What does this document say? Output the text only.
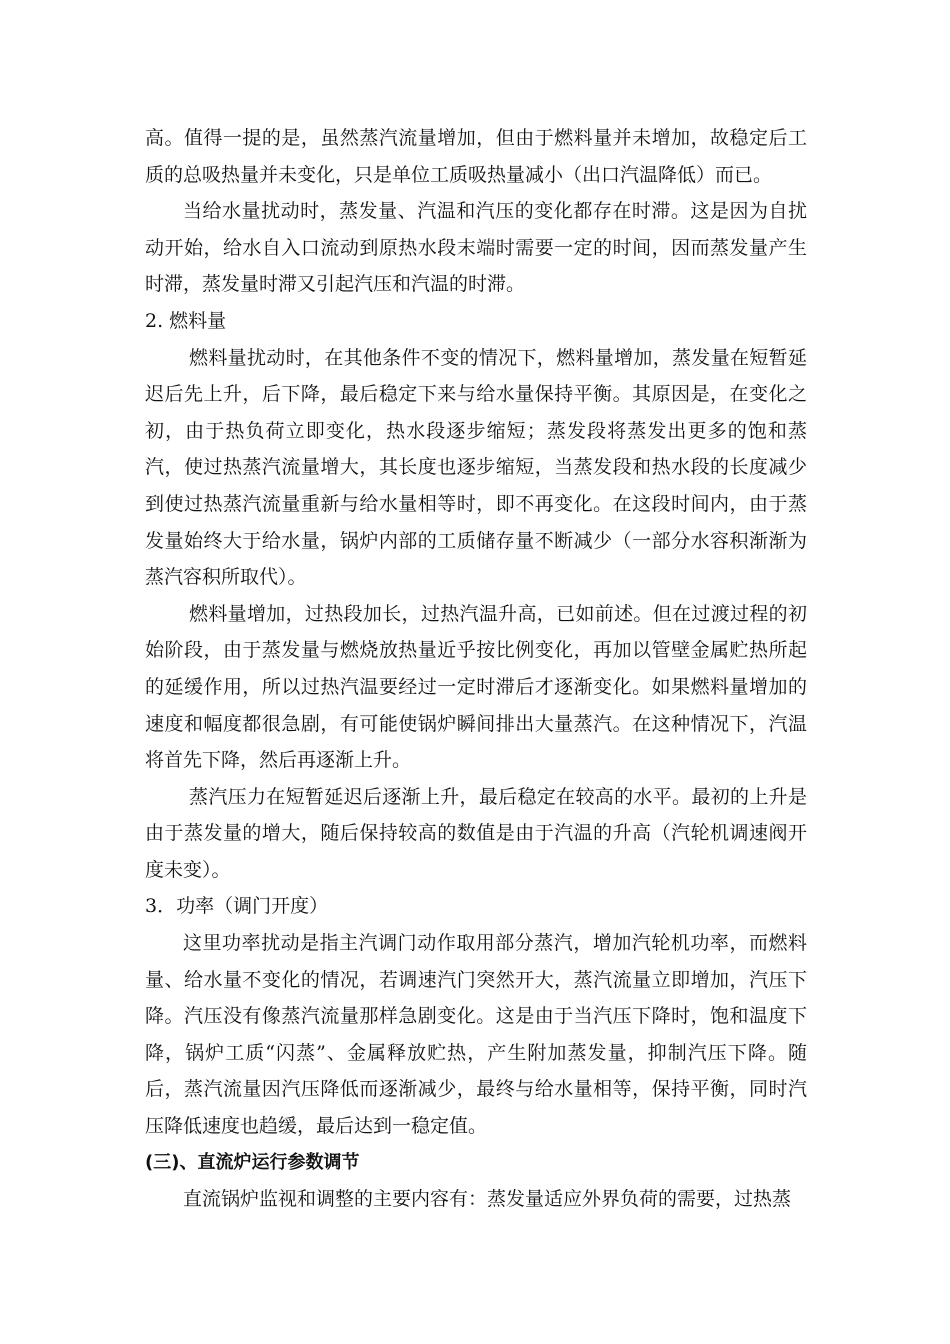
高。值得一提的是，虽然蒸汽流量增加，但由于燃料量并未增加，故稳定后工质的总吸热量并未变化，只是单位工质吸热量减小（出口汽温降低）而已。

当给水量扰动时，蒸发量、汽温和汽压的变化都存在时滞。这是因为自扰动开始，给水自入口流动到原热水段末端时需要一定的时间，因而蒸发量产生时滞，蒸发量时滞又引起汽压和汽温的时滞。

2. 燃料量

燃料量扰动时，在其他条件不变的情况下，燃料量增加，蒸发量在短暂延迟后先上升，后下降，最后稳定下来与给水量保持平衡。其原因是，在变化之初，由于热负荷立即变化，热水段逐步缩短；蒸发段将蒸发出更多的饱和蒸汽，使过热蒸汽流量增大，其长度也逐步缩短，当蒸发段和热水段的长度减少到使过热蒸汽流量重新与给水量相等时，即不再变化。在这段时间内，由于蒸发量始终大于给水量，锅炉内部的工质储存量不断减少（一部分水容积渐渐为蒸汽容积所取代）。

燃料量增加，过热段加长，过热汽温升高，已如前述。但在过渡过程的初始阶段，由于蒸发量与燃烧放热量近乎按比例变化，再加以管壁金属贮热所起的延缓作用，所以过热汽温要经过一定时滞后才逐渐变化。如果燃料量增加的速度和幅度都很急剧，有可能使锅炉瞬间排出大量蒸汽。在这种情况下，汽温将首先下降，然后再逐渐上升。

蒸汽压力在短暂延迟后逐渐上升，最后稳定在较高的水平。最初的上升是由于蒸发量的增大，随后保持较高的数值是由于汽温的升高（汽轮机调速阀开度未变）。

3．功率（调门开度）

这里功率扰动是指主汽调门动作取用部分蒸汽，增加汽轮机功率，而燃料量、给水量不变化的情况，若调速汽门突然开大，蒸汽流量立即增加，汽压下降。汽压没有像蒸汽流量那样急剧变化。这是由于当汽压下降时，饱和温度下降，锅炉工质“闪蒸”、金属释放贮热，产生附加蒸发量，抑制汽压下降。随后，蒸汽流量因汽压降低而逐渐减少，最终与给水量相等，保持平衡，同时汽压降低速度也趋缓，最后达到一稳定值。

(三)、直流炉运行参数调节

直流锅炉监视和调整的主要内容有：蒸发量适应外界负荷的需要，过热蒸
